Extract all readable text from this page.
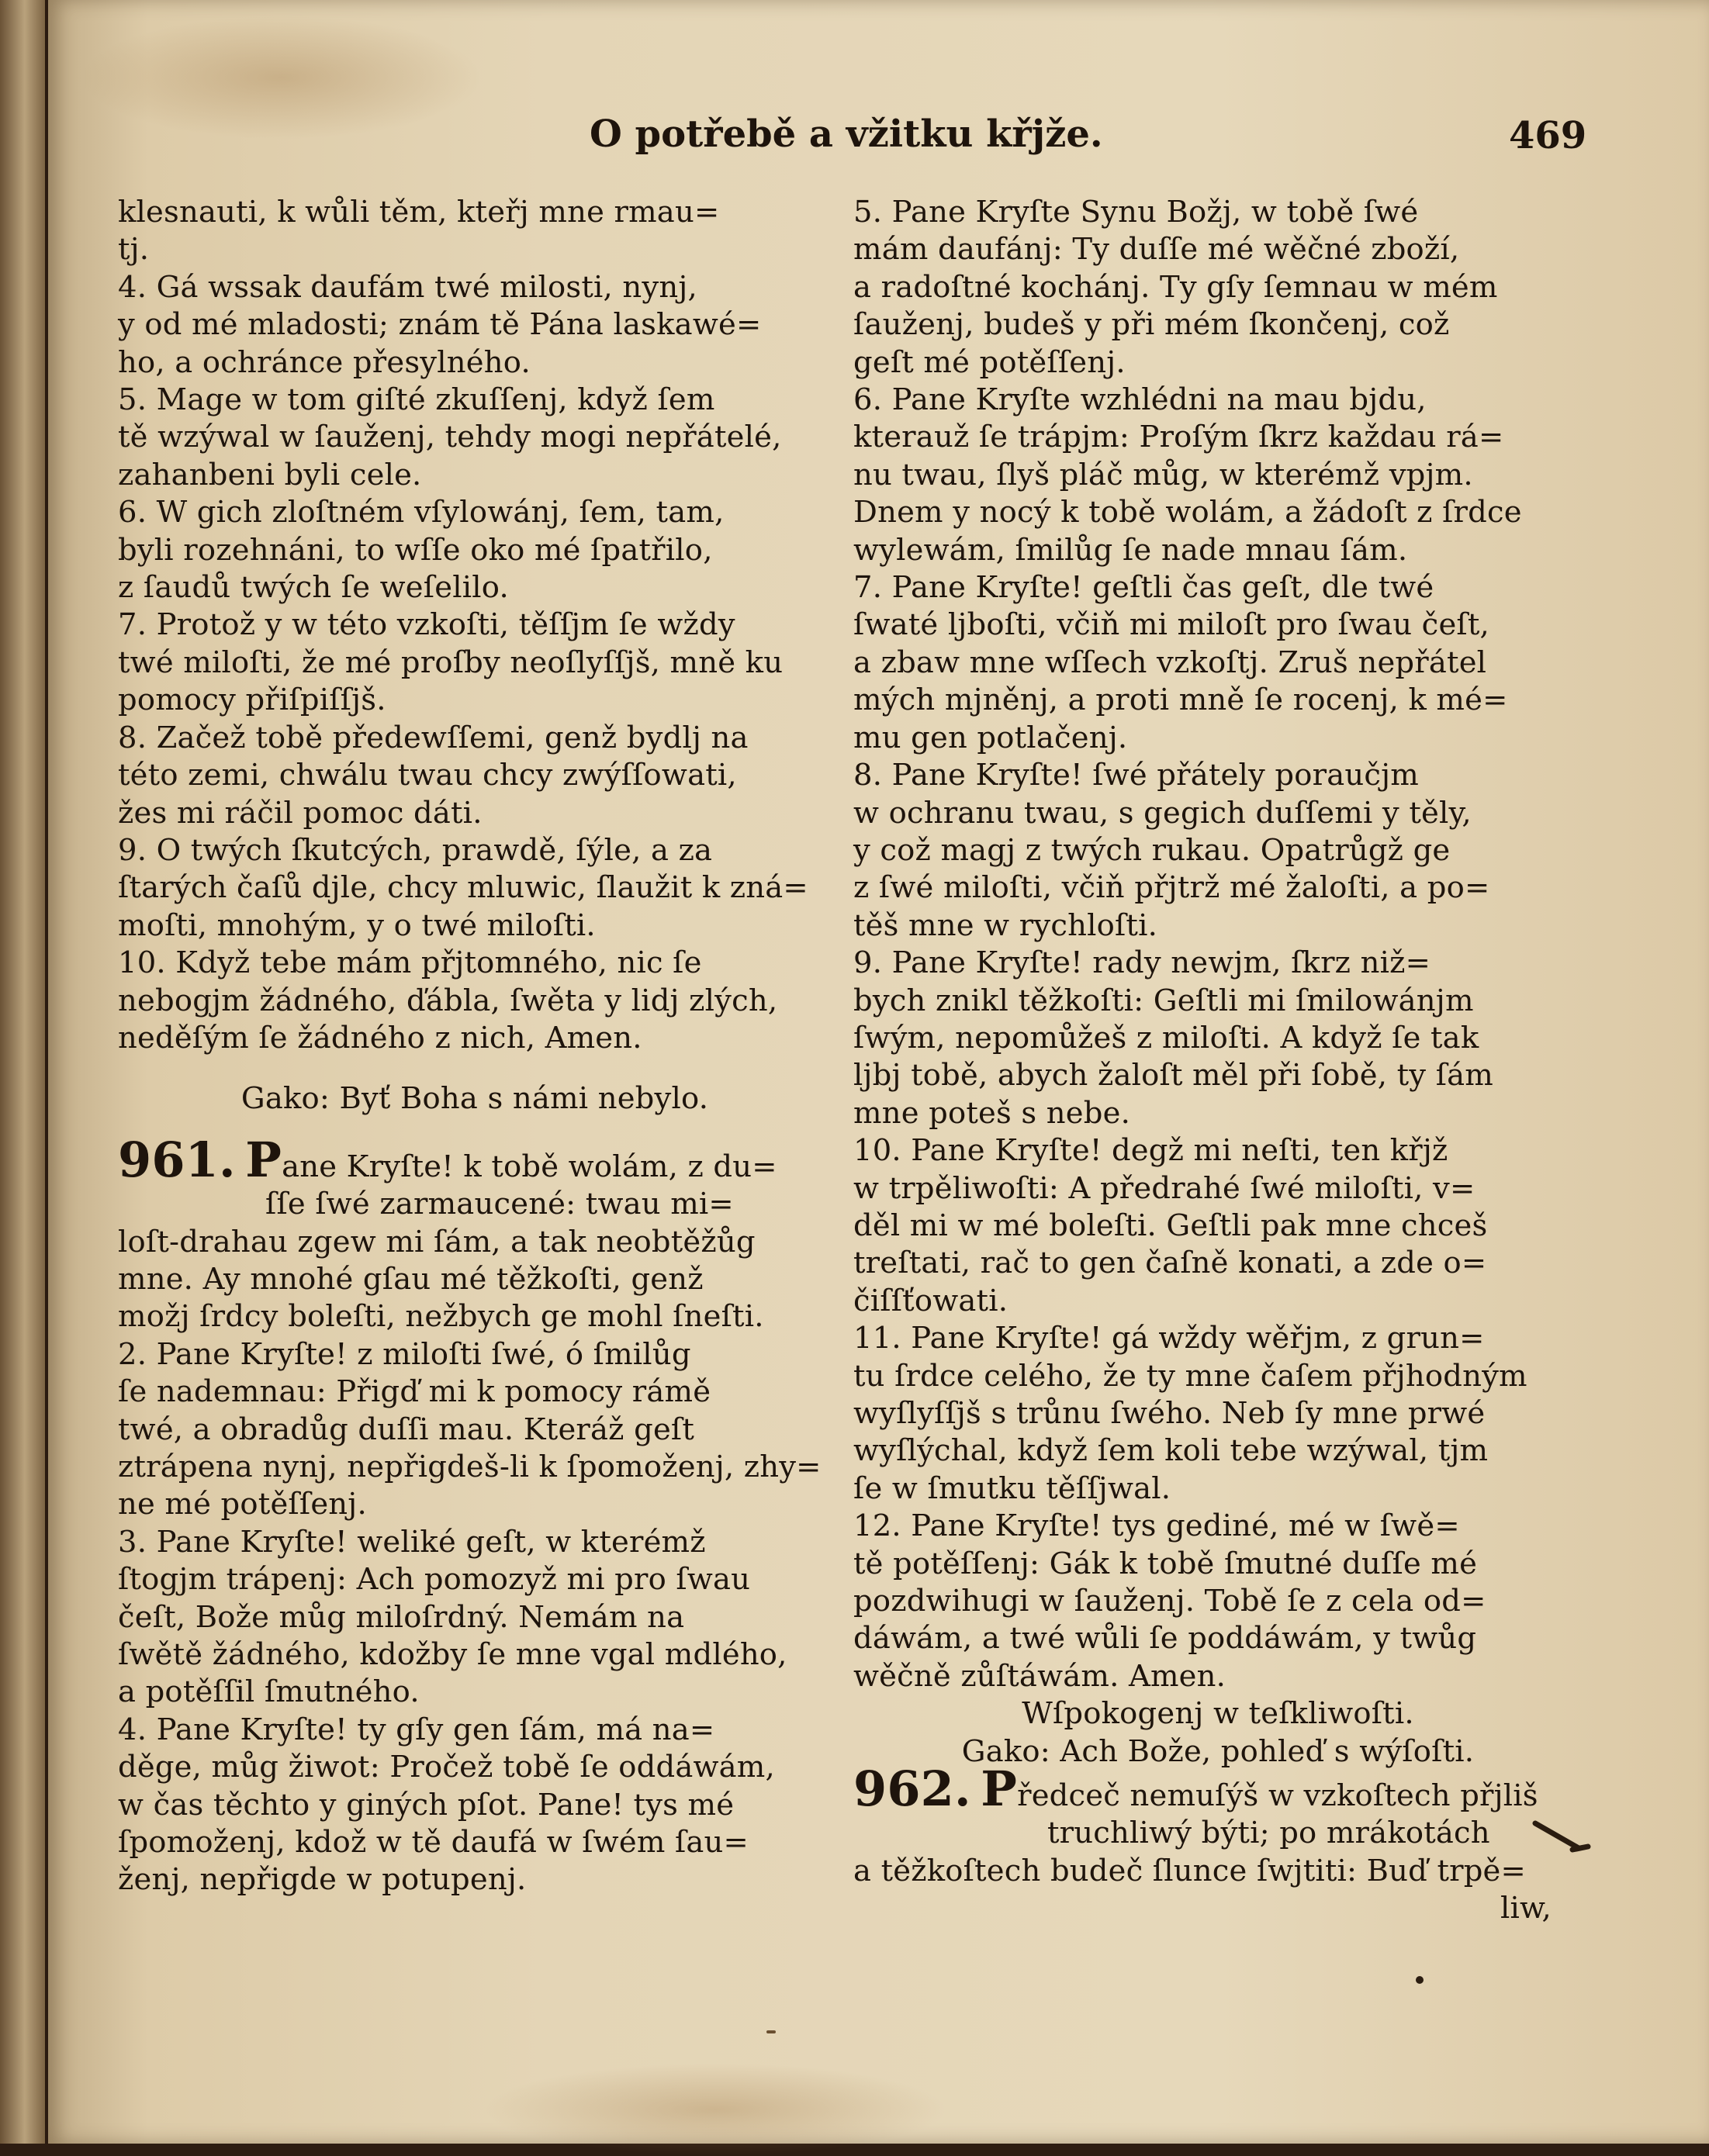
O potřebě a vžitku křjže.	469

klesnauti, k wůli těm, kteřj mne rmau=

tj.

4. Gá wssak daufám twé milosti, nynj,

y od mé mladosti; znám tě Pána laskawé=

ho, a ochránce přesylného.

5. Mage w tom giſté zkuſſenj, když ſem

tě wzýwal w ſauženj, tehdy mogi nepřátelé,

zahanbeni byli cele.

6. W gich zloſtném vſylowánj, ſem, tam,

byli rozehnáni, to wſſe oko mé ſpatřilo,

z ſaudů twých ſe weſelilo.

7. Protož y w této vzkoſti, těſſjm ſe wždy

twé miloſti, že mé proſby neoſlyſſjš, mně ku

pomocy přiſpiſſjš.

8. Začež tobě předewſſemi, genž bydlj na

této zemi, chwálu twau chcy zwýſſowati,

žes mi ráčil pomoc dáti.

9. O twých ſkutcých, prawdě, ſýle, a za

ſtarých čaſů djle, chcy mluwic, ſlaužit k zná=

moſti, mnohým, y o twé miloſti.

10. Když tebe mám přjtomného, nic ſe

nebogjm žádného, ďábla, ſwěta y lidj zlých,

neděſým ſe žádného z nich, Amen.

Gako: Byť Boha s námi nebylo.

961. Pane Kryſte! k tobě wolám, z du=

ſſe ſwé zarmaucené: twau mi=

loſt-drahau zgew mi ſám, a tak neobtěžůg

mne. Ay mnohé gſau mé těžkoſti, genž

možj ſrdcy boleſti, nežbych ge mohl ſneſti.

2. Pane Kryſte! z miloſti ſwé, ó ſmilůg

ſe nademnau: Přigď mi k pomocy rámě

twé, a obradůg duſſi mau. Kteráž geſt

ztrápena nynj, nepřigdeš-li k ſpomoženj, zhy=

ne mé potěſſenj.

3. Pane Kryſte! weliké geſt, w kterémž

ſtogjm trápenj: Ach pomozyž mi pro ſwau

čeſt, Bože můg miloſrdný. Nemám na

ſwětě žádného, kdožby ſe mne vgal mdlého,

a potěſſil ſmutného.

4. Pane Kryſte! ty gſy gen ſám, má na=

děge, můg žiwot: Pročež tobě ſe oddáwám,

w čas těchto y giných pſot. Pane! tys mé

ſpomoženj, kdož w tě daufá w ſwém ſau=

ženj, nepřigde w potupenj.

5. Pane Kryſte Synu Božj, w tobě ſwé

mám daufánj: Ty duſſe mé wěčné zboží,

a radoſtné kochánj. Ty gſy ſemnau w mém

ſauženj, budeš y při mém ſkončenj, což

geſt mé potěſſenj.

6. Pane Kryſte wzhlédni na mau bjdu,

kterauž ſe trápjm: Proſým ſkrz každau rá=

nu twau, ſlyš pláč můg, w kterémž vpjm.

Dnem y nocý k tobě wolám, a žádoſt z ſrdce

wylewám, ſmilůg ſe nade mnau ſám.

7. Pane Kryſte! geſtli čas geſt, dle twé

ſwaté ljboſti, včiň mi miloſt pro ſwau čeſt,

a zbaw mne wſſech vzkoſtj. Zruš nepřátel

mých mjněnj, a proti mně ſe rocenj, k mé=

mu gen potlačenj.

8. Pane Kryſte! ſwé přátely poraučjm

w ochranu twau, s gegich duſſemi y těly,

y což magj z twých rukau. Opatrůgž ge

z ſwé miloſti, včiň přjtrž mé žaloſti, a po=

těš mne w rychloſti.

9. Pane Kryſte! rady newjm, ſkrz niž=

bych znikl těžkoſti: Geſtli mi ſmilowánjm

ſwým, nepomůžeš z miloſti. A když ſe tak

ljbj tobě, abych žaloſt měl při ſobě, ty ſám

mne poteš s nebe.

10. Pane Kryſte! degž mi neſti, ten křjž

w trpěliwoſti: A předrahé ſwé miloſti, v=

děl mi w mé boleſti. Geſtli pak mne chceš

treſtati, rač to gen čaſně konati, a zde o=

čiſſťowati.

11. Pane Kryſte! gá wždy wěřjm, z grun=

tu ſrdce celého, že ty mne čaſem přjhodným

wyſlyſſjš s trůnu ſwého. Neb ſy mne prwé

wyſlýchal, když ſem koli tebe wzýwal, tjm

ſe w ſmutku těſſjwal.

12. Pane Kryſte! tys gediné, mé w ſwě=

tě potěſſenj: Gák k tobě ſmutné duſſe mé

pozdwihugi w ſauženj. Tobě ſe z cela od=

dáwám, a twé wůli ſe poddáwám, y twůg

wěčně zůſtáwám. Amen.

Wſpokogenj w teſkliwoſti.

Gako: Ach Bože, pohleď s wýſoſti.

962. Předceč nemuſýš w vzkoſtech přjliš

truchliwý býti; po mrákotách

a těžkoſtech budeč ſlunce ſwjtiti: Buď trpě=

liw,
